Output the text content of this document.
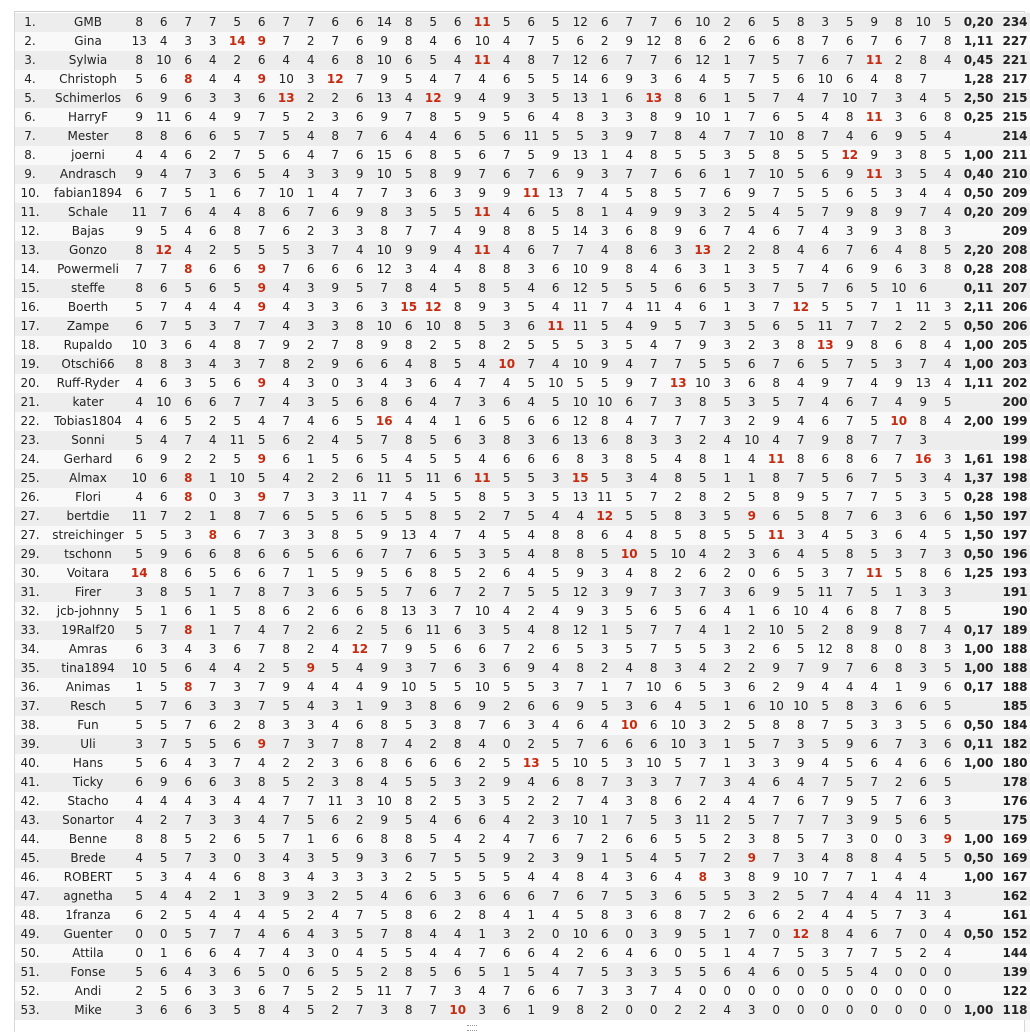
1.	GMB	8	6	7	7	5	6	7	7	6	6	14	8	5	6	11	5	6	5	12	6	7	7	6	10	2	6	5	8	3	5	9	8	10	5	0,20	234
2.	Gina	13	4	3	3	14	9	7	2	7	6	9	8	4	6	10	4	7	5	6	2	9	12	8	6	2	6	6	8	7	6	7	6	7	8	1,11	227
3.	Sylwia	8	10	6	4	2	6	4	4	6	8	10	6	5	4	11	4	8	7	12	6	7	7	6	12	1	7	5	7	6	7	11	2	8	4	0,45	221
4.	Christoph	5	6	8	4	4	9	10	3	12	7	9	5	4	7	4	6	5	5	14	6	9	3	6	4	5	7	5	6	10	6	4	8	7		1,28	217
5.	Schimerlos	6	9	6	3	3	6	13	2	2	6	13	4	12	9	4	9	3	5	13	1	6	13	8	6	1	5	7	4	7	10	7	3	4	5	2,50	215
6.	HarryF	9	11	6	4	9	7	5	2	3	6	9	7	8	5	9	5	6	4	8	3	3	8	9	10	1	7	6	5	4	8	11	3	6	8	0,25	215
7.	Mester	8	8	6	6	5	7	5	4	8	7	6	4	4	6	5	6	11	5	5	3	9	7	8	4	7	7	10	8	7	4	6	9	5	4		214
8.	joerni	4	4	6	2	7	5	6	4	7	6	15	6	8	5	6	7	5	9	13	1	4	8	5	5	3	5	8	5	5	12	9	3	8	5	1,00	211
9.	Andrasch	9	4	7	3	6	5	4	3	3	9	10	5	8	9	7	6	7	6	9	3	7	7	6	6	1	7	10	5	6	9	11	3	5	4	0,40	210
10.	fabian1894	6	7	5	1	6	7	10	1	4	7	7	3	6	3	9	9	11	13	7	4	5	8	5	7	6	9	7	5	5	6	5	3	4	4	0,50	209
11.	Schale	11	7	6	4	4	8	6	7	6	9	8	3	5	5	11	4	6	5	8	1	4	9	9	3	2	5	4	5	7	9	8	9	7	4	0,20	209
12.	Bajas	9	5	4	6	8	7	6	2	3	3	8	7	7	4	9	8	8	5	14	3	6	8	9	6	7	4	6	7	4	3	9	3	8	3		209
13.	Gonzo	8	12	4	2	5	5	5	3	7	4	10	9	9	4	11	4	6	7	7	4	8	6	3	13	2	2	8	4	6	7	6	4	8	5	2,20	208
14.	Powermeli	7	7	8	6	6	9	7	6	6	6	12	3	4	4	8	8	3	6	10	9	8	4	6	3	1	3	5	7	4	6	9	6	3	8	0,28	208
15.	steffe	8	6	5	6	5	9	4	3	9	5	7	8	4	5	8	5	4	6	12	5	5	5	6	6	5	3	7	5	7	6	5	10	6		0,11	207
16.	Boerth	5	7	4	4	4	9	4	3	3	6	3	15	12	8	9	3	5	4	11	7	4	11	4	6	1	3	7	12	5	5	7	1	11	3	2,11	206
17.	Zampe	6	7	5	3	7	7	4	3	3	8	10	6	10	8	5	3	6	11	11	5	4	9	5	7	3	5	6	5	11	7	7	2	2	5	0,50	206
18.	Rupaldo	10	3	6	4	8	7	9	2	7	8	9	8	2	5	8	2	5	5	5	3	5	4	7	9	3	2	3	8	13	9	8	6	8	4	1,00	205
19.	Otschi66	8	8	3	4	3	7	8	2	9	6	6	4	8	5	4	10	7	4	10	9	4	7	7	5	5	6	7	6	5	7	5	3	7	4	1,00	203
20.	Ruff-Ryder	4	6	3	5	6	9	4	3	0	3	4	3	6	4	7	4	5	10	5	5	9	7	13	10	3	6	8	4	9	7	4	9	13	4	1,11	202
21.	kater	4	10	6	6	7	7	4	3	5	6	8	6	4	7	3	6	4	5	10	10	6	7	3	8	5	3	5	7	4	6	7	4	9	5		200
22.	Tobias1804	4	6	5	2	5	4	7	4	6	5	16	4	4	1	6	5	6	6	12	8	4	7	7	7	3	2	9	4	6	7	5	10	8	4	2,00	199
23.	Sonni	5	4	7	4	11	5	6	2	4	5	7	8	5	6	3	8	3	6	13	6	8	3	3	2	4	10	4	7	9	8	7	7	3			199
24.	Gerhard	6	9	2	2	5	9	6	1	5	6	5	4	5	5	4	6	6	6	8	3	8	5	4	8	1	4	11	8	6	8	6	7	16	3	1,61	198
25.	Almax	10	6	8	1	10	5	4	2	2	6	11	5	11	6	11	5	5	3	15	5	3	4	8	5	1	1	8	7	5	6	7	5	3	4	1,37	198
26.	Flori	4	6	8	0	3	9	7	3	3	11	7	4	5	5	8	5	3	5	13	11	5	7	2	8	2	5	8	9	5	7	7	5	3	5	0,28	198
27.	bertdie	11	7	2	1	8	7	6	5	5	6	5	5	8	5	2	7	5	4	4	12	5	5	8	3	5	9	6	5	8	7	6	3	6	6	1,50	197
27.	streichinger	5	5	3	8	6	7	3	3	8	5	9	13	4	7	4	5	4	8	8	6	4	8	5	8	5	5	11	3	4	5	3	6	4	5	1,50	197
29.	tschonn	5	9	6	6	8	6	6	5	6	6	7	7	6	5	3	5	4	8	8	5	10	5	10	4	2	3	6	4	5	8	5	3	7	3	0,50	196
30.	Voitara	14	8	6	5	6	6	7	1	5	9	5	6	8	5	2	6	4	5	9	3	4	8	2	6	2	0	6	5	3	7	11	5	8	6	1,25	193
31.	Firer	3	8	5	1	7	8	7	3	6	5	5	7	6	7	2	7	5	5	12	3	9	7	3	7	3	6	9	5	11	7	5	1	3	3		191
32.	jcb-johnny	5	1	6	1	5	8	6	2	6	6	8	13	3	7	10	4	2	4	9	3	5	6	5	6	4	1	6	10	4	6	8	7	8	5		190
33.	19Ralf20	5	7	8	1	7	4	7	2	6	2	5	6	11	6	3	5	4	8	12	1	5	7	7	4	1	2	10	5	2	8	9	8	7	4	0,17	189
34.	Amras	6	3	4	3	6	7	8	2	4	12	7	9	5	6	6	7	2	6	5	3	5	7	5	5	3	2	6	5	12	8	8	0	8	3	1,00	188
35.	tina1894	10	5	6	4	4	2	5	9	5	4	9	3	7	6	3	6	9	4	8	2	4	8	3	4	2	2	9	7	9	7	6	8	3	5	1,00	188
36.	Animas	1	5	8	7	3	7	9	4	4	4	9	10	5	5	10	5	5	3	7	1	7	10	6	5	3	6	2	9	4	4	4	1	9	6	0,17	188
37.	Resch	5	7	6	3	3	7	5	4	3	1	9	3	8	6	9	2	6	6	9	5	3	6	4	5	1	6	10	10	5	8	3	6	6	5		185
38.	Fun	5	5	7	6	2	8	3	3	4	6	8	5	3	8	7	6	3	4	6	4	10	6	10	3	2	5	8	8	7	5	3	3	5	6	0,50	184
39.	Uli	3	7	5	5	6	9	7	3	7	8	7	4	2	8	4	0	2	5	7	6	6	6	10	3	1	5	7	3	5	9	6	7	3	6	0,11	182
40.	Hans	5	6	4	3	7	4	2	2	3	6	8	6	6	6	2	5	13	5	10	5	3	10	5	7	1	3	3	9	4	5	6	4	6	6	1,00	180
41.	Ticky	6	9	6	6	3	8	5	2	3	8	4	5	5	3	2	9	4	6	8	7	3	3	7	7	3	4	6	4	7	5	7	2	6	5		178
42.	Stacho	4	4	4	3	4	4	7	7	11	3	10	8	2	5	3	5	2	2	7	4	3	8	6	2	4	4	7	6	7	9	5	7	6	3		176
43.	Sonartor	4	2	7	3	3	4	7	5	6	2	9	5	4	6	6	4	2	3	10	1	7	5	3	11	2	5	7	7	7	3	9	5	6	5		175
44.	Benne	8	8	5	2	6	5	7	1	6	6	8	8	5	4	2	4	7	6	7	2	6	6	5	5	2	3	8	5	7	3	0	0	3	9	1,00	169
45.	Brede	4	5	7	3	0	3	4	3	5	9	3	6	7	5	5	9	2	3	9	1	5	4	5	7	2	9	7	3	4	8	8	4	5	5	0,50	169
46.	ROBERT	5	3	4	4	6	8	3	4	3	3	3	2	5	5	5	5	4	4	8	4	3	6	4	8	3	8	9	10	7	7	1	4	4		1,00	167
47.	agnetha	5	4	4	2	1	3	9	3	2	5	4	6	6	3	6	6	6	7	6	7	5	3	6	5	5	3	2	5	7	4	4	4	11	3		162
48.	1franza	6	2	5	4	4	4	5	2	4	7	5	8	6	2	8	4	1	4	5	8	3	6	8	7	2	6	6	2	4	4	5	7	3	4		161
49.	Guenter	0	0	5	7	7	4	6	4	3	5	7	8	4	4	1	3	2	0	10	6	0	3	9	5	1	7	0	12	8	4	6	7	0	4	0,50	152
50.	Attila	0	1	6	6	4	7	4	3	0	4	5	5	4	4	7	6	6	4	2	6	4	6	0	5	1	4	7	5	3	7	7	5	2	4		144
51.	Fonse	5	6	4	3	6	5	0	6	5	5	2	8	5	6	5	1	5	4	7	5	3	3	5	5	6	4	6	0	5	5	4	0	0	0		139
52.	Andi	2	5	6	3	3	6	7	5	2	5	11	7	7	3	4	7	6	6	7	3	3	7	4	0	0	0	0	0	0	0	0	0	0	0		122
53.	Mike	3	6	6	3	5	8	4	5	2	7	3	8	7	10	3	6	1	9	8	2	0	0	2	2	4	3	0	0	0	0	0	0	0	0	1,00	118
